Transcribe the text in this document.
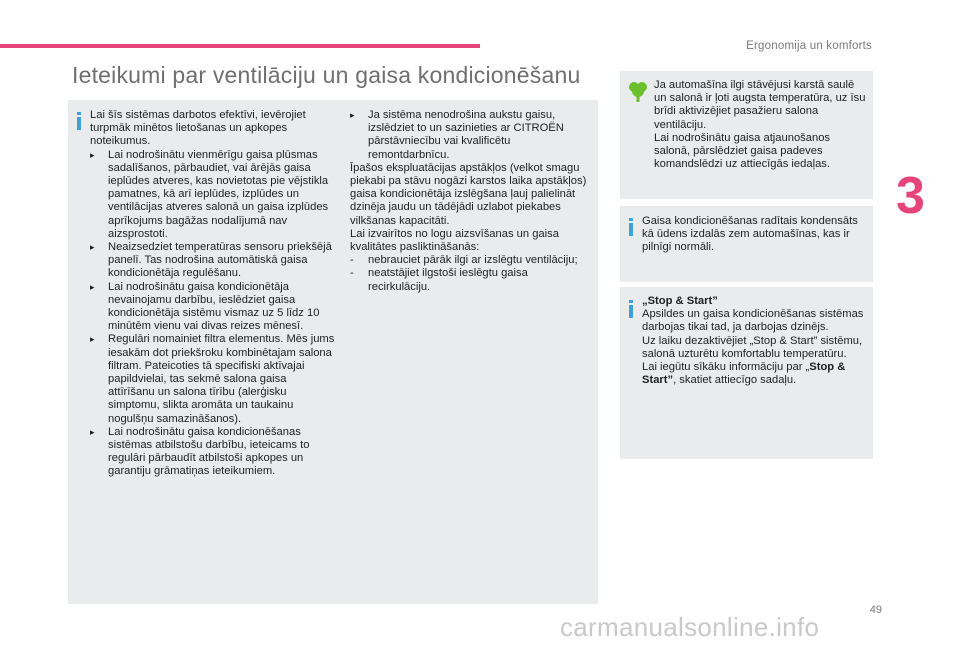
Ergonomija un komforts
3
Ieteikumi par ventilāciju un gaisa kondicionēšanu

Lai šīs sistēmas darbotos efektīvi, ievērojiet turpmāk minētos lietošanas un apkopes noteikumus.

▸	Lai nodrošinātu vienmērīgu gaisa plūsmas sadalīšanos, pārbaudiet, vai ārējās gaisa ieplūdes atveres, kas novietotas pie vējstikla pamatnes, kā arī ieplūdes, izplūdes un ventilācijas atveres salonā un gaisa izplūdes aprīkojums bagāžas nodalījumā nav aizsprostoti.
▸	Neaizsedziet temperatūras sensoru priekšējā panelī. Tas nodrošina automātiskā gaisa kondicionētāja regulēšanu.
▸	Lai nodrošinātu gaisa kondicionētāja nevainojamu darbību, ieslēdziet gaisa kondicionētāja sistēmu vismaz uz 5 līdz 10 minūtēm vienu vai divas reizes mēnesī.
▸	Regulāri nomainiet filtra elementus. Mēs jums iesakām dot priekšroku kombinētajam salona filtram. Pateicoties tā specifiski aktīvajai papildvielai, tas sekmē salona gaisa attīrīšanu un salona tīrību (alerģisku simptomu, slikta aromāta un taukainu nogulšņu samazināšanos).
▸	Lai nodrošinātu gaisa kondicionēšanas sistēmas atbilstošu darbību, ieteicams to regulāri pārbaudīt atbilstoši apkopes un garantiju grāmatiņas ieteikumiem.
▸	Ja sistēma nenodrošina aukstu gaisu, izslēdziet to un sazinieties ar CITROËN pārstāvniecību vai kvalificētu remontdarbnīcu.

Īpašos ekspluatācijas apstākļos (velkot smagu piekabi pa stāvu nogāzi karstos laika apstākļos) gaisa kondicionētāja izslēgšana ļauj palielināt dzinēja jaudu un tādējādi uzlabot piekabes vilkšanas kapacitāti.

Lai izvairītos no logu aizsvīšanas un gaisa kvalitātes pasliktināšanās:

- nebrauciet pārāk ilgi ar izslēgtu ventilāciju;
- neatstājiet ilgstoši ieslēgtu gaisa recirkulāciju.

Ja automašīna ilgi stāvējusi karstā saulē un salonā ir ļoti augsta temperatūra, uz īsu brīdi aktivizējiet pasažieru salona ventilāciju.

Lai nodrošinātu gaisa atjaunošanos salonā, pārslēdziet gaisa padeves komandslēdzi uz attiecīgās iedaļas.

Gaisa kondicionēšanas radītais kondensāts kā ūdens izdalās zem automašīnas, kas ir pilnīgi normāli.

„Stop & Start”

Apsildes un gaisa kondicionēšanas sistēmas darbojas tikai tad, ja darbojas dzinējs.

Uz laiku dezaktivējiet „Stop & Start” sistēmu, salonā uzturētu komfortablu temperatūru.

Lai iegūtu sīkāku informāciju par „Stop & Start”, skatiet attiecīgo sadaļu.

49
carmanualsonline.info
